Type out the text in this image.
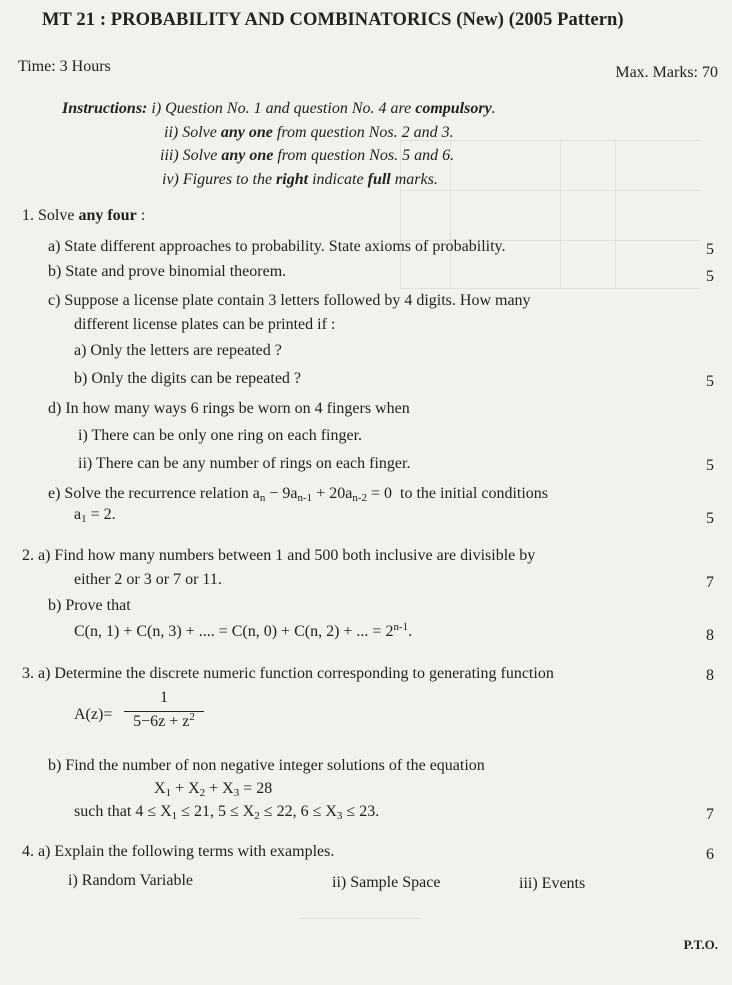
MT 21 : PROBABILITY AND COMBINATORICS (New) (2005 Pattern)
Time: 3 Hours	Max. Marks: 70
Instructions: i) Question No. 1 and question No. 4 are compulsory.
ii) Solve any one from question Nos. 2 and 3.
iii) Solve any one from question Nos. 5 and 6.
iv) Figures to the right indicate full marks.
1. Solve any four :
a) State different approaches to probability. State axioms of probability.	5
b) State and prove binomial theorem.	5
c) Suppose a license plate contain 3 letters followed by 4 digits. How many
different license plates can be printed if :
a) Only the letters are repeated ?
b) Only the digits can be repeated ?	5
d) In how many ways 6 rings be worn on 4 fingers when
i) There can be only one ring on each finger.
ii) There can be any number of rings on each finger.	5
e) Solve the recurrence relation $a_n - 9a_{n-1} + 20a_{n-2} = 0$  to the initial conditions
$a_1 = 2$.	5
2. a) Find how many numbers between 1 and 500 both inclusive are divisible by
either 2 or 3 or 7 or 11.	7
b) Prove that
C(n, 1) + C(n, 3) + .... = C(n, 0) + C(n, 2) + ... = $2^{n-1}$.	8
3. a) Determine the discrete numeric function corresponding to generating function	8
A(z)=
1
$5-6z + z^2$
b) Find the number of non negative integer solutions of the equation
$X_1 + X_2 + X_3 = 28$
such that $4 \le X_1 \le 21$, $5 \le X_2 \le 22$, $6 \le X_3 \le 23$.	7
4. a) Explain the following terms with examples.	6
i) Random Variable	ii) Sample Space	iii) Events
P.T.O.
